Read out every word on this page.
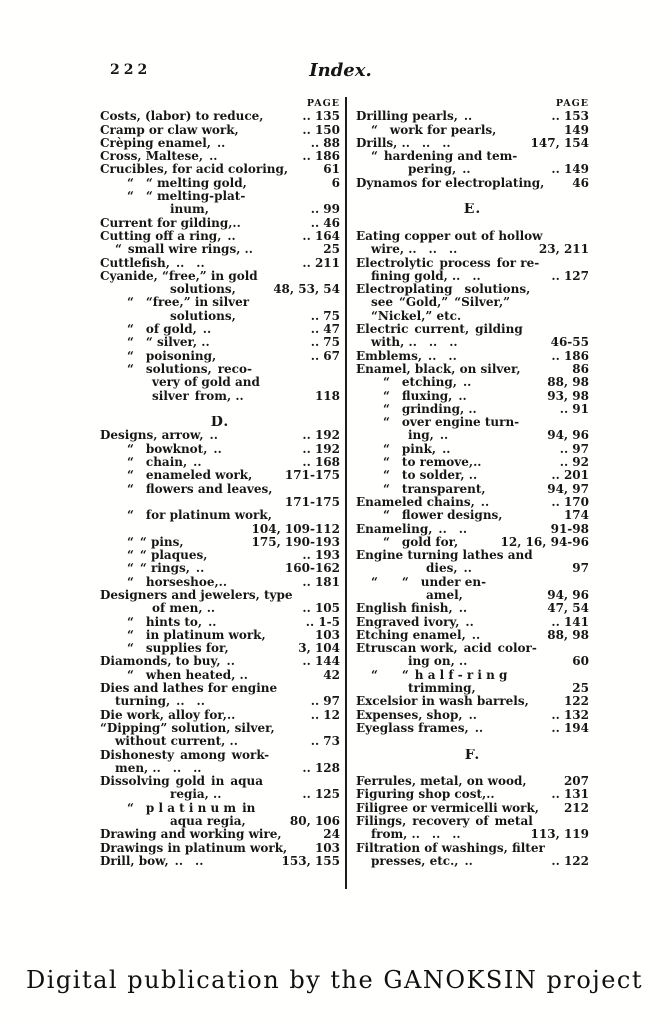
222	Index.
PAGE
Costs, (labor) to reduce,	.. 135
Cramp or claw work,	.. 150
Crèping enamel, ..	.. 88
Cross, Maltese, ..	.. 186
Crucibles, for acid coloring,	61
“ “ melting gold,	6
“ “ melting-plat-
inum,	.. 99
Current for gilding,..	.. 46
Cutting off a ring, ..	.. 164
“ small wire rings, ..	25
Cuttlefish, .. ..	.. 211
Cyanide, “free,” in gold
solutions,	48, 53, 54
“ “free,” in silver
solutions,	.. 75
“ of gold, ..	.. 47
“ “ silver, ..	.. 75
“ poisoning,	.. 67
“ solutions, reco-
very of gold and
silver from, ..	118

D.
Designs, arrow, ..	.. 192
“ bowknot, ..	.. 192
“ chain, ..	.. 168
“ enameled work,	171-175
“ flowers and leaves,
171-175
“ for platinum work,
104, 109-112
“ “ pins,	175, 190-193
“ “ plaques,	.. 193
“ “ rings, ..	160-162
“ horseshoe,..	.. 181
Designers and jewelers, type
of men, ..	.. 105
“ hints to, ..	.. 1-5
“ in platinum work,	103
“ supplies for,	3, 104
Diamonds, to buy, ..	.. 144
“ when heated, ..	42
Dies and lathes for engine
turning, .. ..	.. 97
Die work, alloy for,..	.. 12
“Dipping” solution, silver,
without current, ..	.. 73
Dishonesty among work-
men, .. .. ..	.. 128
Dissolving gold in aqua
regia, ..	.. 125
“ p l a t i n u m in
aqua regia,	80, 106
Drawing and working wire,	24
Drawings in platinum work, 103
Drill, bow, .. ..	153, 155
PAGE
Drilling pearls, ..	.. 153
“ work for pearls,	149
Drills, .. .. ..	147, 154
“ hardening and tem-
pering, ..	.. 149
Dynamos for electroplating, 46

E.

Eating copper out of hollow
wire, .. .. ..	23, 211
Electrolytic process for re-
fining gold, .. ..	.. 127
Electroplating solutions,
see “Gold,” “Silver,”
“Nickel,” etc.
Electric current, gilding
with, .. .. ..	46-55
Emblems, .. ..	.. 186
Enamel, black, on silver,	86
“ etching, ..	88, 98
“ fluxing, ..	93, 98
“ grinding, ..	.. 91
“ over engine turn-
ing, ..	94, 96
“ pink, ..	.. 97
“ to remove,..	.. 92
“ to solder, ..	.. 201
“ transparent,	94, 97
Enameled chains, ..	.. 170
“ flower designs,	174
Enameling, .. ..	91-98
“ gold for,	12, 16, 94-96
Engine turning lathes and
dies, ..	97
“  “ under en-
amel,	94, 96
English finish, ..	47, 54
Engraved ivory, ..	.. 141
Etching enamel, ..	88, 98
Etruscan work, acid color-
ing on, ..	60
“  “ h a l f - r i n g
trimming,	25
Excelsior in wash barrels,	122
Expenses, shop, ..	.. 132
Eyeglass frames, ..	.. 194

F.

Ferrules, metal, on wood,	207
Figuring shop cost,..	.. 131
Filigree or vermicelli work, 212
Filings, recovery of metal
from, .. .. ..	113, 119
Filtration of washings, filter
presses, etc., ..	.. 122
Digital publication by the GANOKSIN project
